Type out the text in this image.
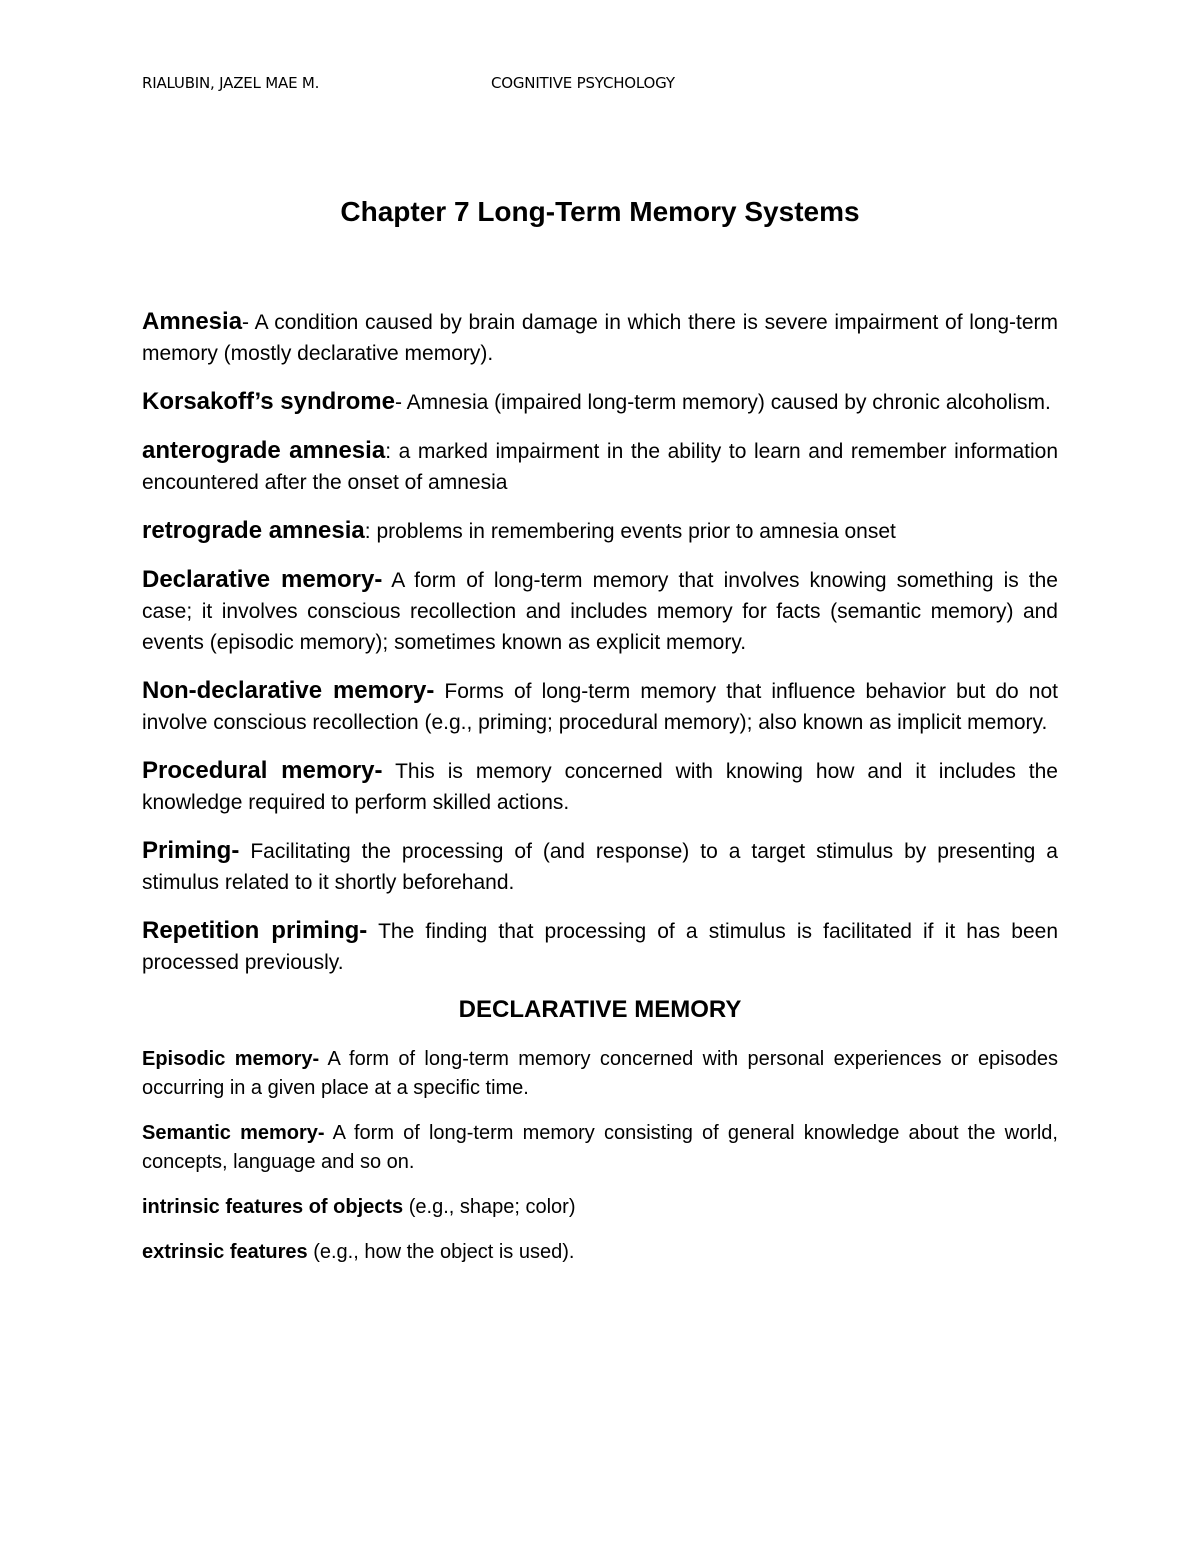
RIALUBIN, JAZEL MAE M.	COGNITIVE PSYCHOLOGY
Chapter 7 Long-Term Memory Systems

Amnesia- A condition caused by brain damage in which there is severe impairment of long-term memory (mostly declarative memory).

Korsakoff’s syndrome- Amnesia (impaired long-term memory) caused by chronic alcoholism.

anterograde amnesia: a marked impairment in the ability to learn and remember information encountered after the onset of amnesia

retrograde amnesia: problems in remembering events prior to amnesia onset

Declarative memory- A form of long-term memory that involves knowing something is the case; it involves conscious recollection and includes memory for facts (semantic memory) and events (episodic memory); sometimes known as explicit memory.

Non-declarative memory- Forms of long-term memory that influence behavior but do not involve conscious recollection (e.g., priming; procedural memory); also known as implicit memory.

Procedural memory- This is memory concerned with knowing how and it includes the knowledge required to perform skilled actions.

Priming- Facilitating the processing of (and response) to a target stimulus by presenting a stimulus related to it shortly beforehand.

Repetition priming- The finding that processing of a stimulus is facilitated if it has been processed previously.

DECLARATIVE MEMORY

Episodic memory- A form of long-term memory concerned with personal experiences or episodes occurring in a given place at a specific time.

Semantic memory- A form of long-term memory consisting of general knowledge about the world, concepts, language and so on.

intrinsic features of objects (e.g., shape; color)

extrinsic features (e.g., how the object is used).
